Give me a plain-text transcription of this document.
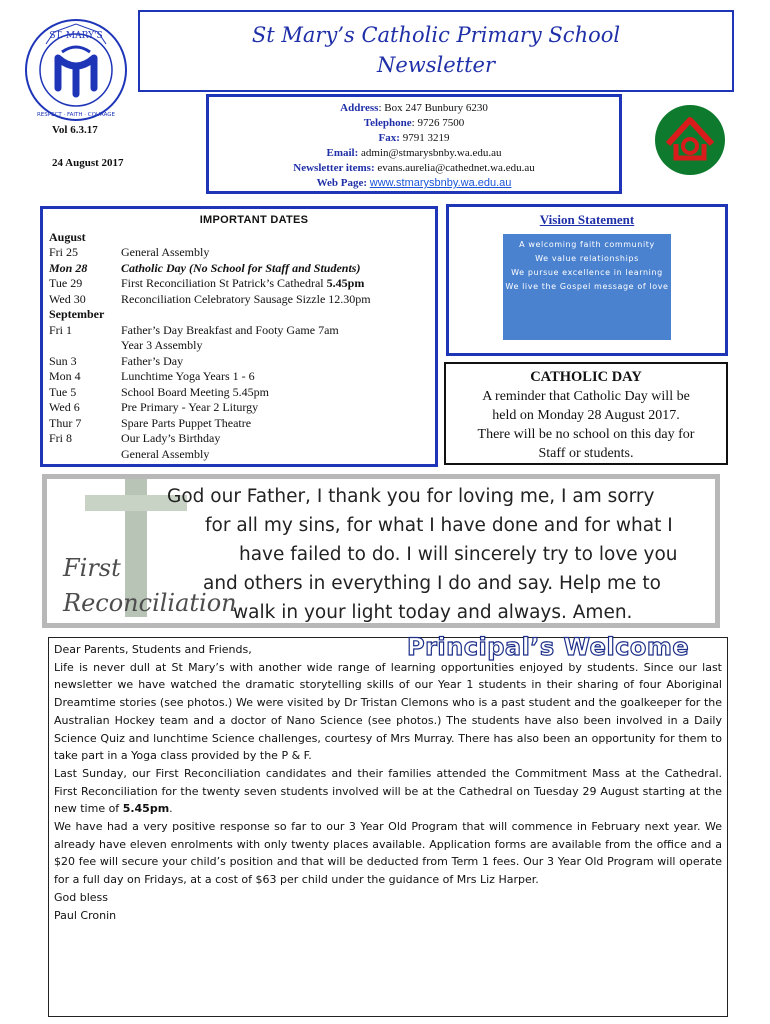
ST. MARY'S
RESPECT · FAITH · COURAGE
St Mary’s Catholic Primary School
Newsletter
Vol 6.3.17
24 August 2017
Address: Box 247 Bunbury 6230
Telephone: 9726 7500
Fax: 9791 3219
Email: admin@stmarysbnby.wa.edu.au
Newsletter items: evans.aurelia@cathednet.wa.edu.au
Web Page: www.stmarysbnby.wa.edu.au
IMPORTANT DATES
August
Fri 25	General Assembly
Mon 28	Catholic Day (No School for Staff and Students)
Tue 29	First Reconciliation St Patrick’s Cathedral 5.45pm
Wed 30	Reconciliation Celebratory Sausage Sizzle 12.30pm
September
Fri 1	Father’s Day Breakfast and Footy Game 7am
Year 3 Assembly
Sun 3	Father’s Day
Mon 4	Lunchtime Yoga Years 1 - 6
Tue 5	School Board Meeting 5.45pm
Wed 6	Pre Primary - Year 2 Liturgy
Thur 7	Spare Parts Puppet Theatre
Fri 8	Our Lady’s Birthday
General Assembly
Vision Statement
A welcoming faith community
We value relationships
We pursue excellence in learning
We live the Gospel message of love
CATHOLIC DAY
A reminder that Catholic Day will be
held on Monday 28 August 2017.
There will be no school on this day for
Staff or students.
First
Reconciliation
God our Father, I thank you for loving me, I am sorry
for all my sins, for what I have done and for what I
have failed to do. I will sincerely try to love you
and others in everything I do and say. Help me to
walk in your light today and always. Amen.
Principal’s Welcome

Dear Parents, Students and Friends,

Life is never dull at St Mary’s with another wide range of learning opportunities enjoyed by students. Since our last newsletter we have watched the dramatic storytelling skills of our Year 1 students in their sharing of four Aboriginal Dreamtime stories (see photos.) We were visited by Dr Tristan Clemons who is a past student and the goalkeeper for the Australian Hockey team and a doctor of Nano Science (see photos.) The students have also been involved in a Daily Science Quiz and lunchtime Science challenges, courtesy of Mrs Murray. There has also been an opportunity for them to take part in a Yoga class provided by the P & F.

Last Sunday, our First Reconciliation candidates and their families attended the Commitment Mass at the Cathedral. First Reconciliation for the twenty seven students involved will be at the Cathedral on Tuesday 29 August starting at the new time of 5.45pm.

We have had a very positive response so far to our 3 Year Old Program that will commence in February next year. We already have eleven enrolments with only twenty places available. Application forms are available from the office and a $20 fee will secure your child’s position and that will be deducted from Term 1 fees. Our 3 Year Old Program will operate for a full day on Fridays, at a cost of $63 per child under the guidance of Mrs Liz Harper.

God bless

Paul Cronin
